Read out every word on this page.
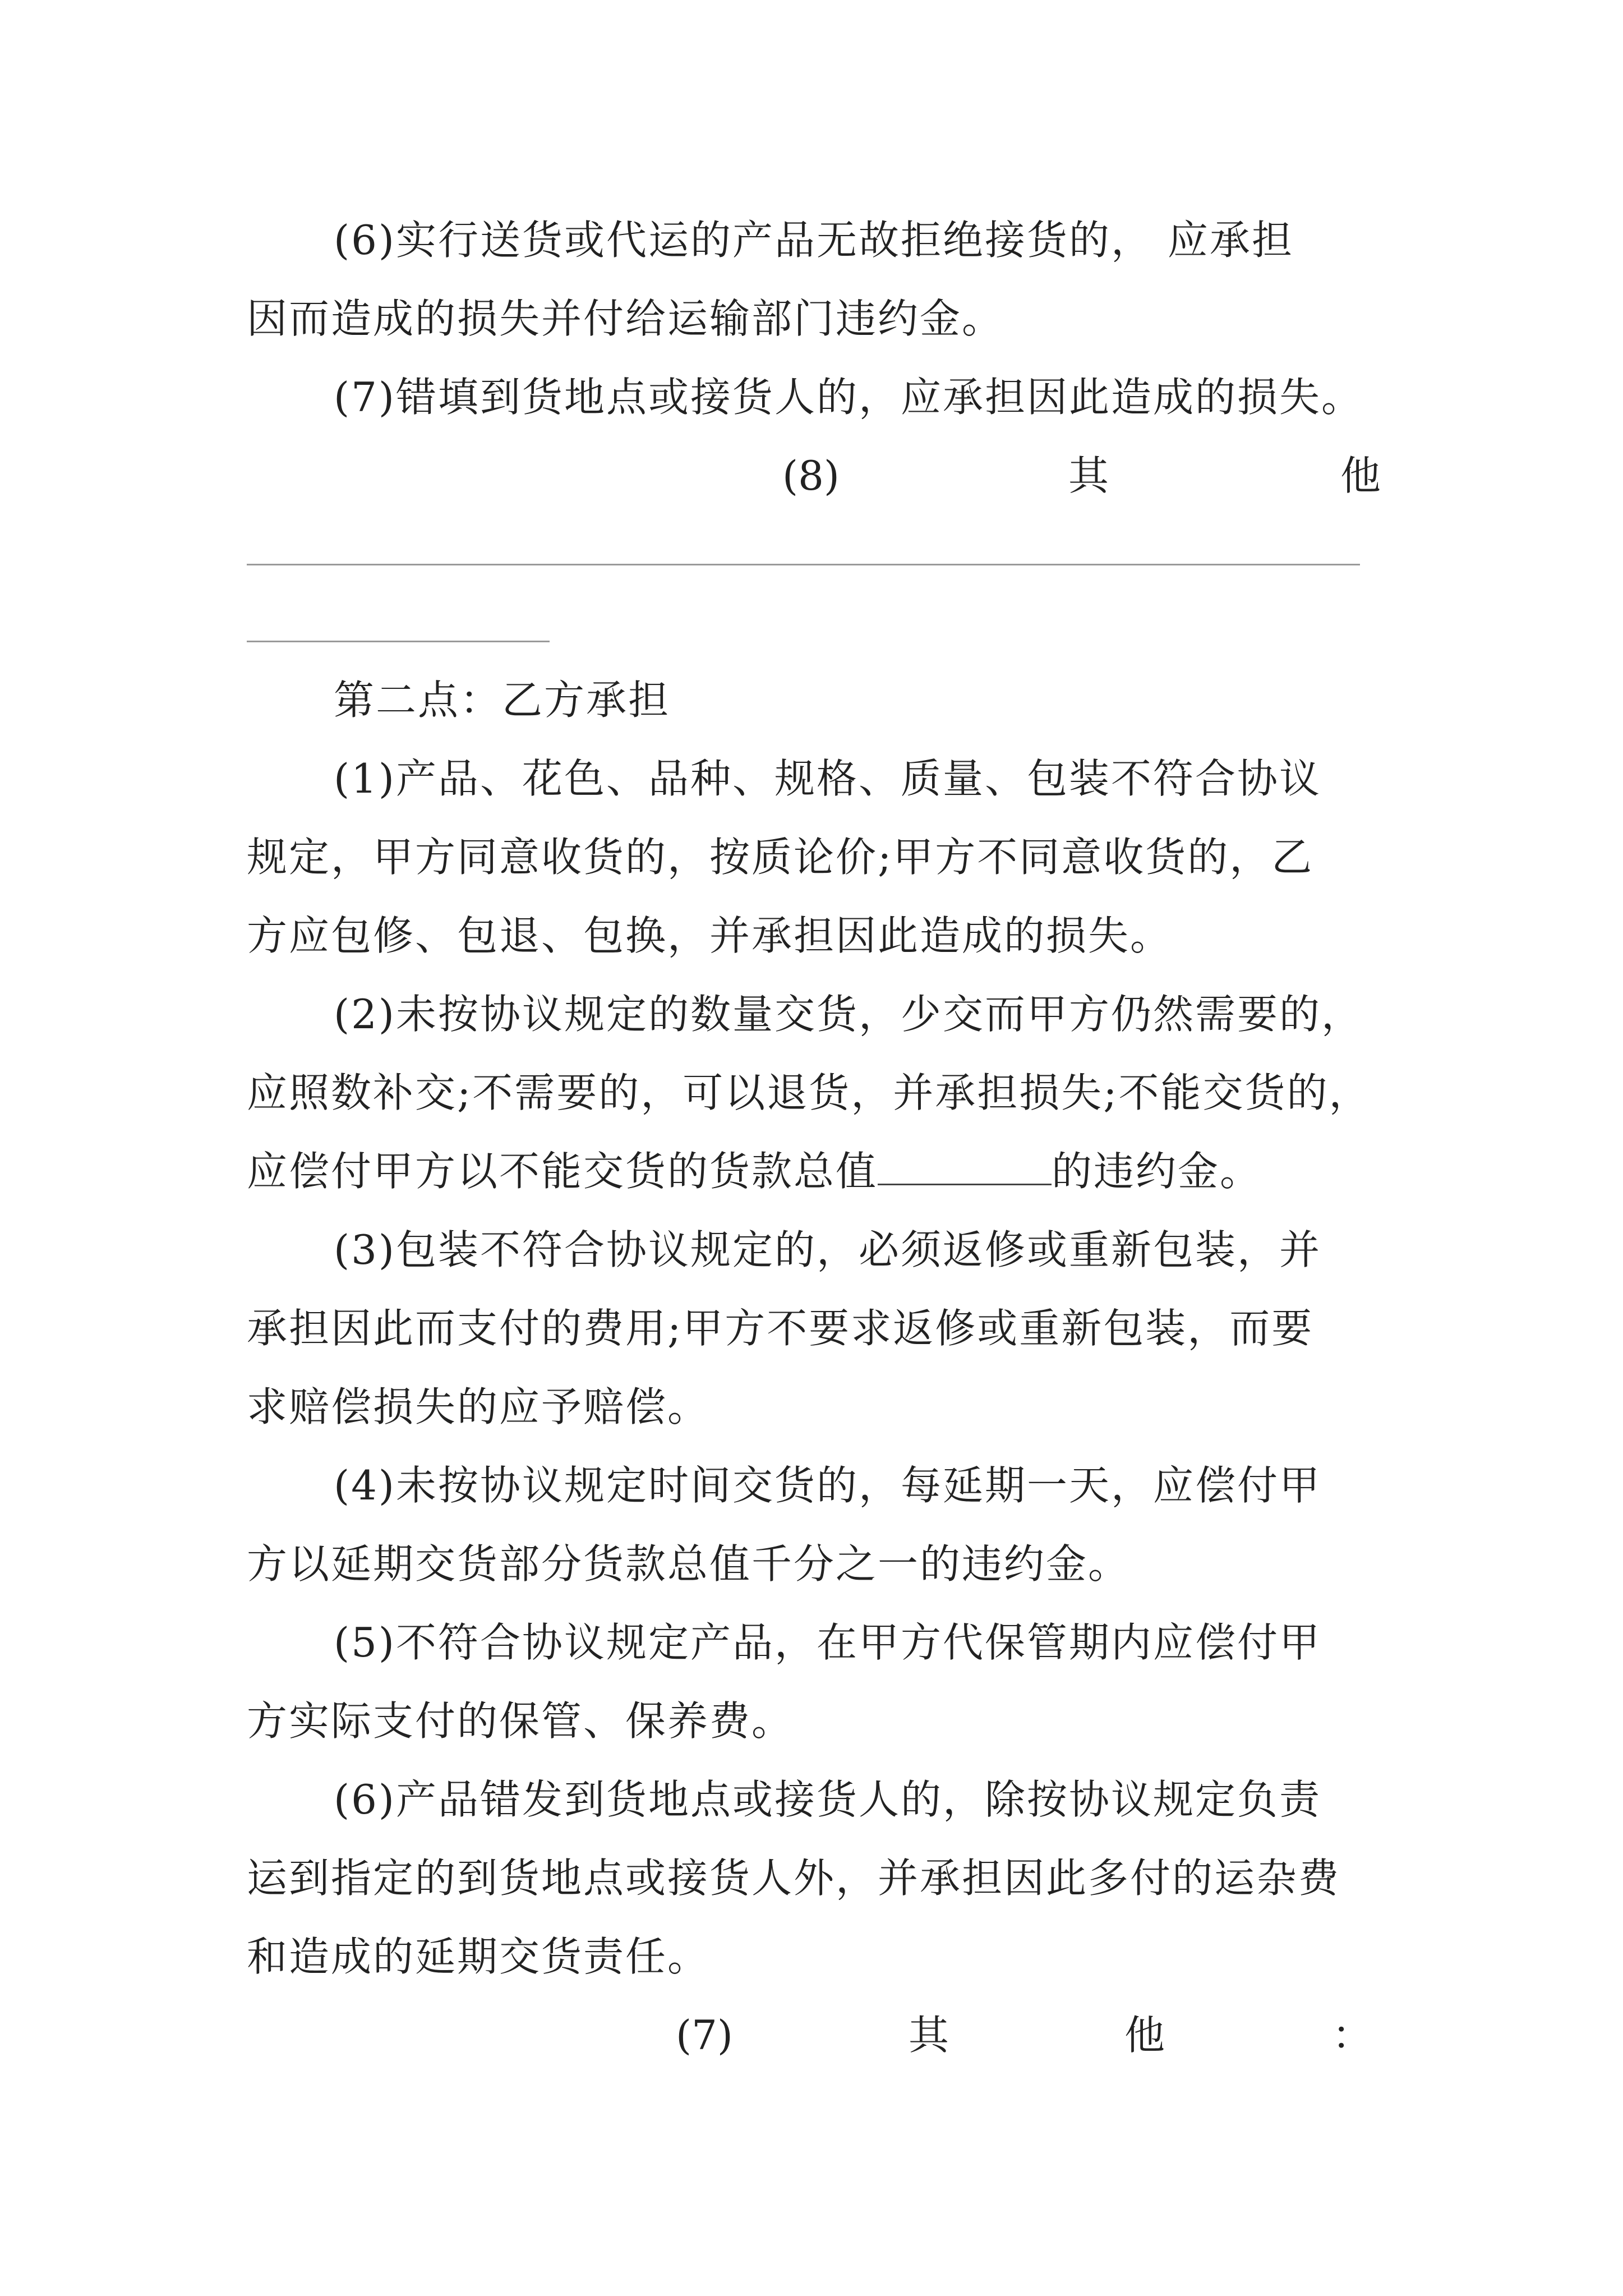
(6)实行送货或代运的产品无故拒绝接货的， 应承担
因而造成的损失并付给运输部门违约金。
(7)错填到货地点或接货人的，应承担因此造成的损失。
(8)	其	他
第二点：乙方承担
(1)产品、花色、品种、规格、质量、包装不符合协议
规定，甲方同意收货的，按质论价;甲方不同意收货的，乙
方应包修、包退、包换，并承担因此造成的损失。
(2)未按协议规定的数量交货，少交而甲方仍然需要的，
应照数补交;不需要的，可以退货，并承担损失;不能交货的，
应偿付甲方以不能交货的货款总值	的违约金。
(3)包装不符合协议规定的，必须返修或重新包装，并
承担因此而支付的费用;甲方不要求返修或重新包装，而要
求赔偿损失的应予赔偿。
(4)未按协议规定时间交货的，每延期一天，应偿付甲
方以延期交货部分货款总值千分之一的违约金。
(5)不符合协议规定产品，在甲方代保管期内应偿付甲
方实际支付的保管、保养费。
(6)产品错发到货地点或接货人的，除按协议规定负责
运到指定的到货地点或接货人外，并承担因此多付的运杂费
和造成的延期交货责任。
(7)	其	他	：
